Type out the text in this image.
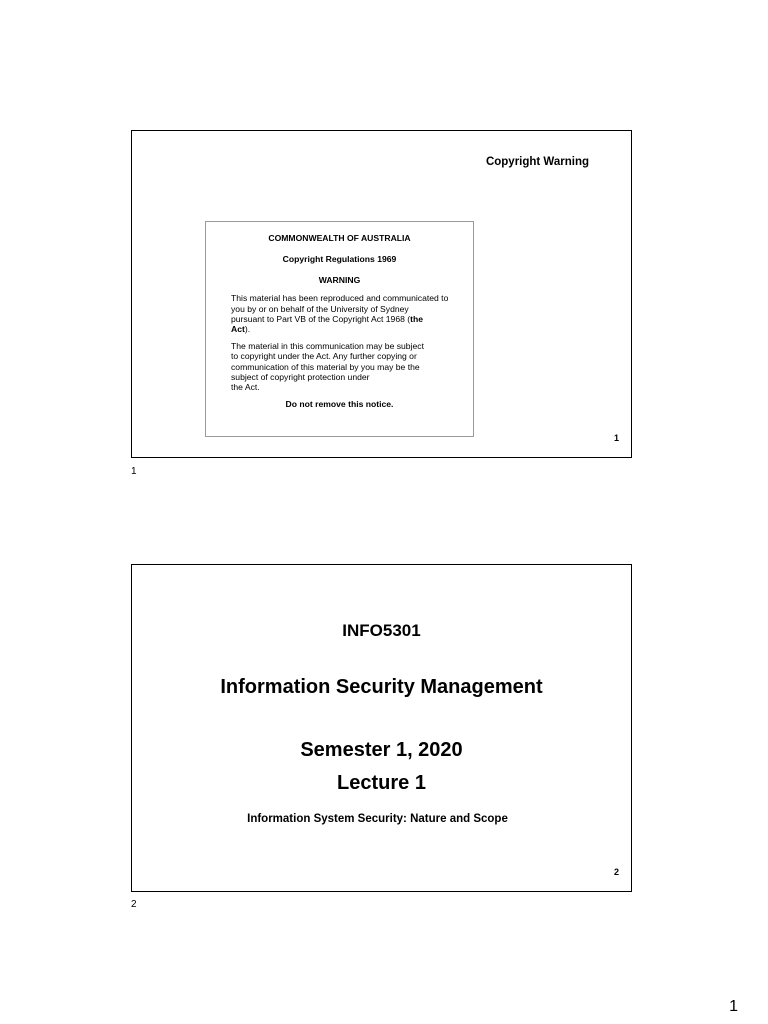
Copyright Warning
COMMONWEALTH OF AUSTRALIA
Copyright Regulations 1969
WARNING
This material has been reproduced and communicated to
you by or on behalf of the University of Sydney
pursuant to Part VB of the Copyright Act 1968 (the
Act).
The material in this communication may be subject
to copyright under the Act. Any further copying or
communication of this material by you may be the
subject of copyright protection under
the Act.
Do not remove this notice.
1
1
INFO5301
Information Security Management
Semester 1, 2020
Lecture 1
Information System Security: Nature and Scope
2
2
1
